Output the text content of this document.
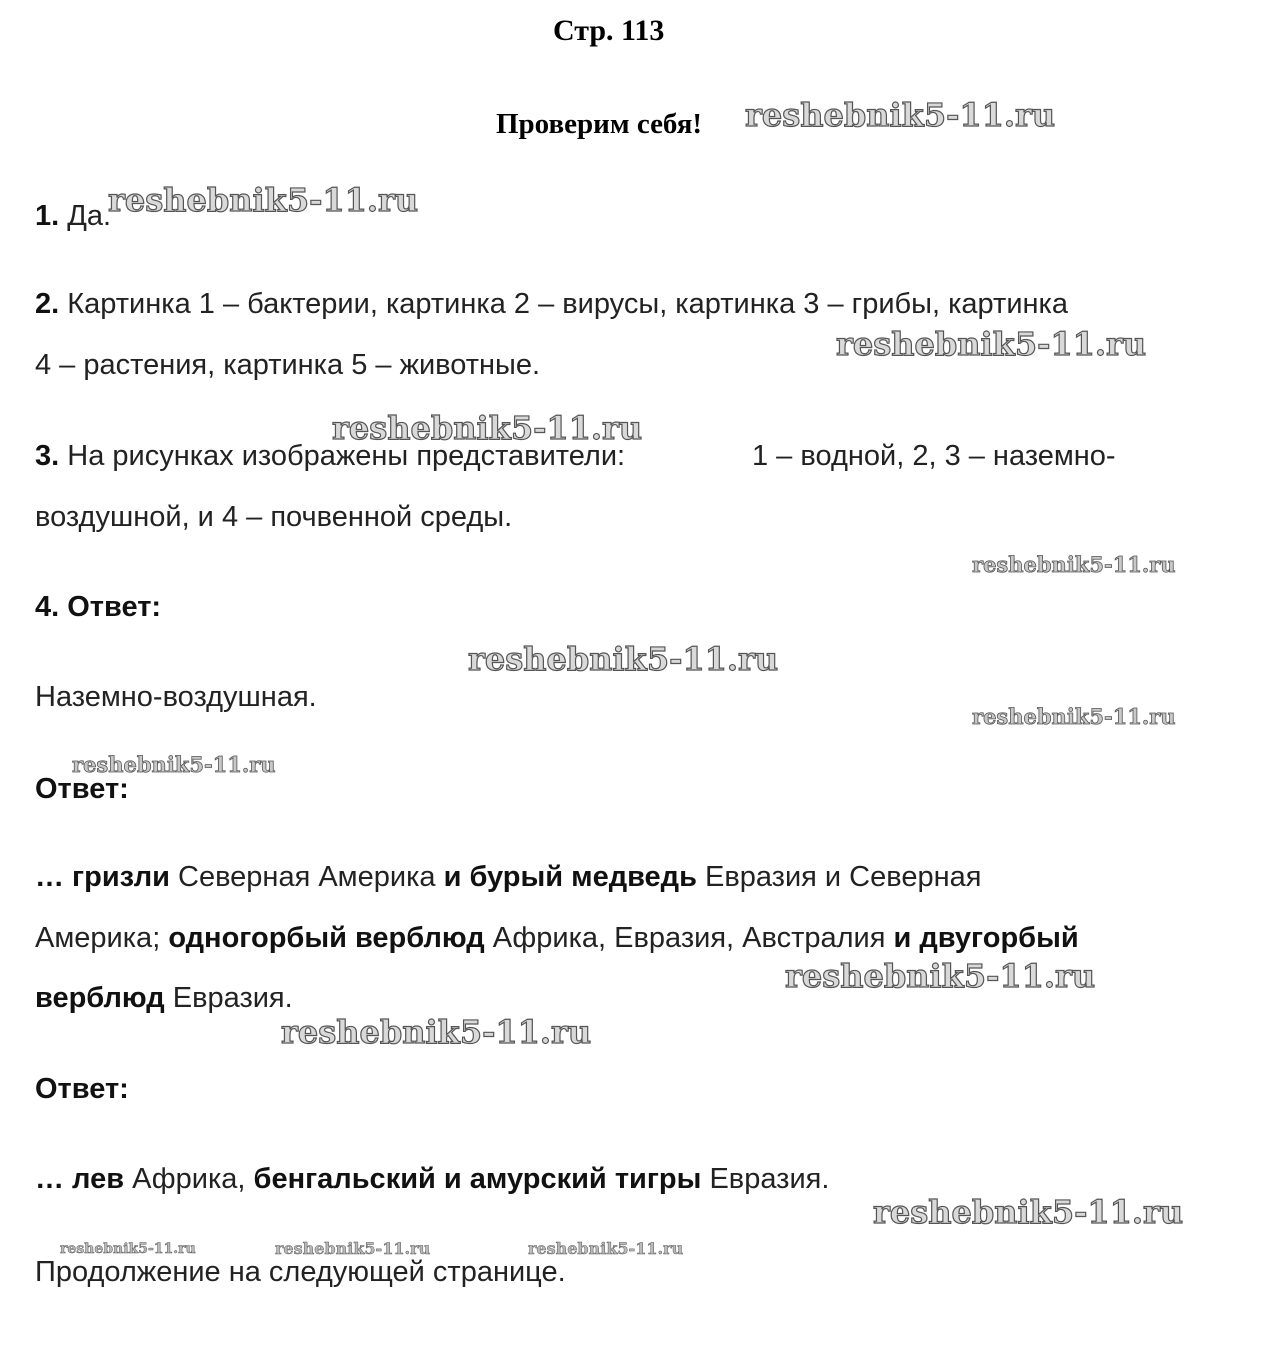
Стр. 113
Проверим себя!
1. Да.
2. Картинка 1 – бактерии, картинка 2 – вирусы, картинка 3 – грибы, картинка
4 – растения, картинка 5 – животные.
3. На рисунках изображены представители:	1 – водной, 2, 3 – наземно-
воздушной, и 4 – почвенной среды.
4. Ответ:
Наземно-воздушная.
Ответ:
… гризли Северная Америка и бурый медведь Евразия и Северная
Америка; одногорбый верблюд Африка, Евразия, Австралия и двугорбый
верблюд Евразия.
Ответ:
… лев Африка, бенгальский и амурский тигры Евразия.
Продолжение на следующей странице.
reshebnik5-11.ru
reshebnik5-11.ru
reshebnik5-11.ru
reshebnik5-11.ru
reshebnik5-11.ru
reshebnik5-11.ru
reshebnik5-11.ru
reshebnik5-11.ru
reshebnik5-11.ru
reshebnik5-11.ru
reshebnik5-11.ru
reshebnik5-11.ru	reshebnik5-11.ru	reshebnik5-11.ru
